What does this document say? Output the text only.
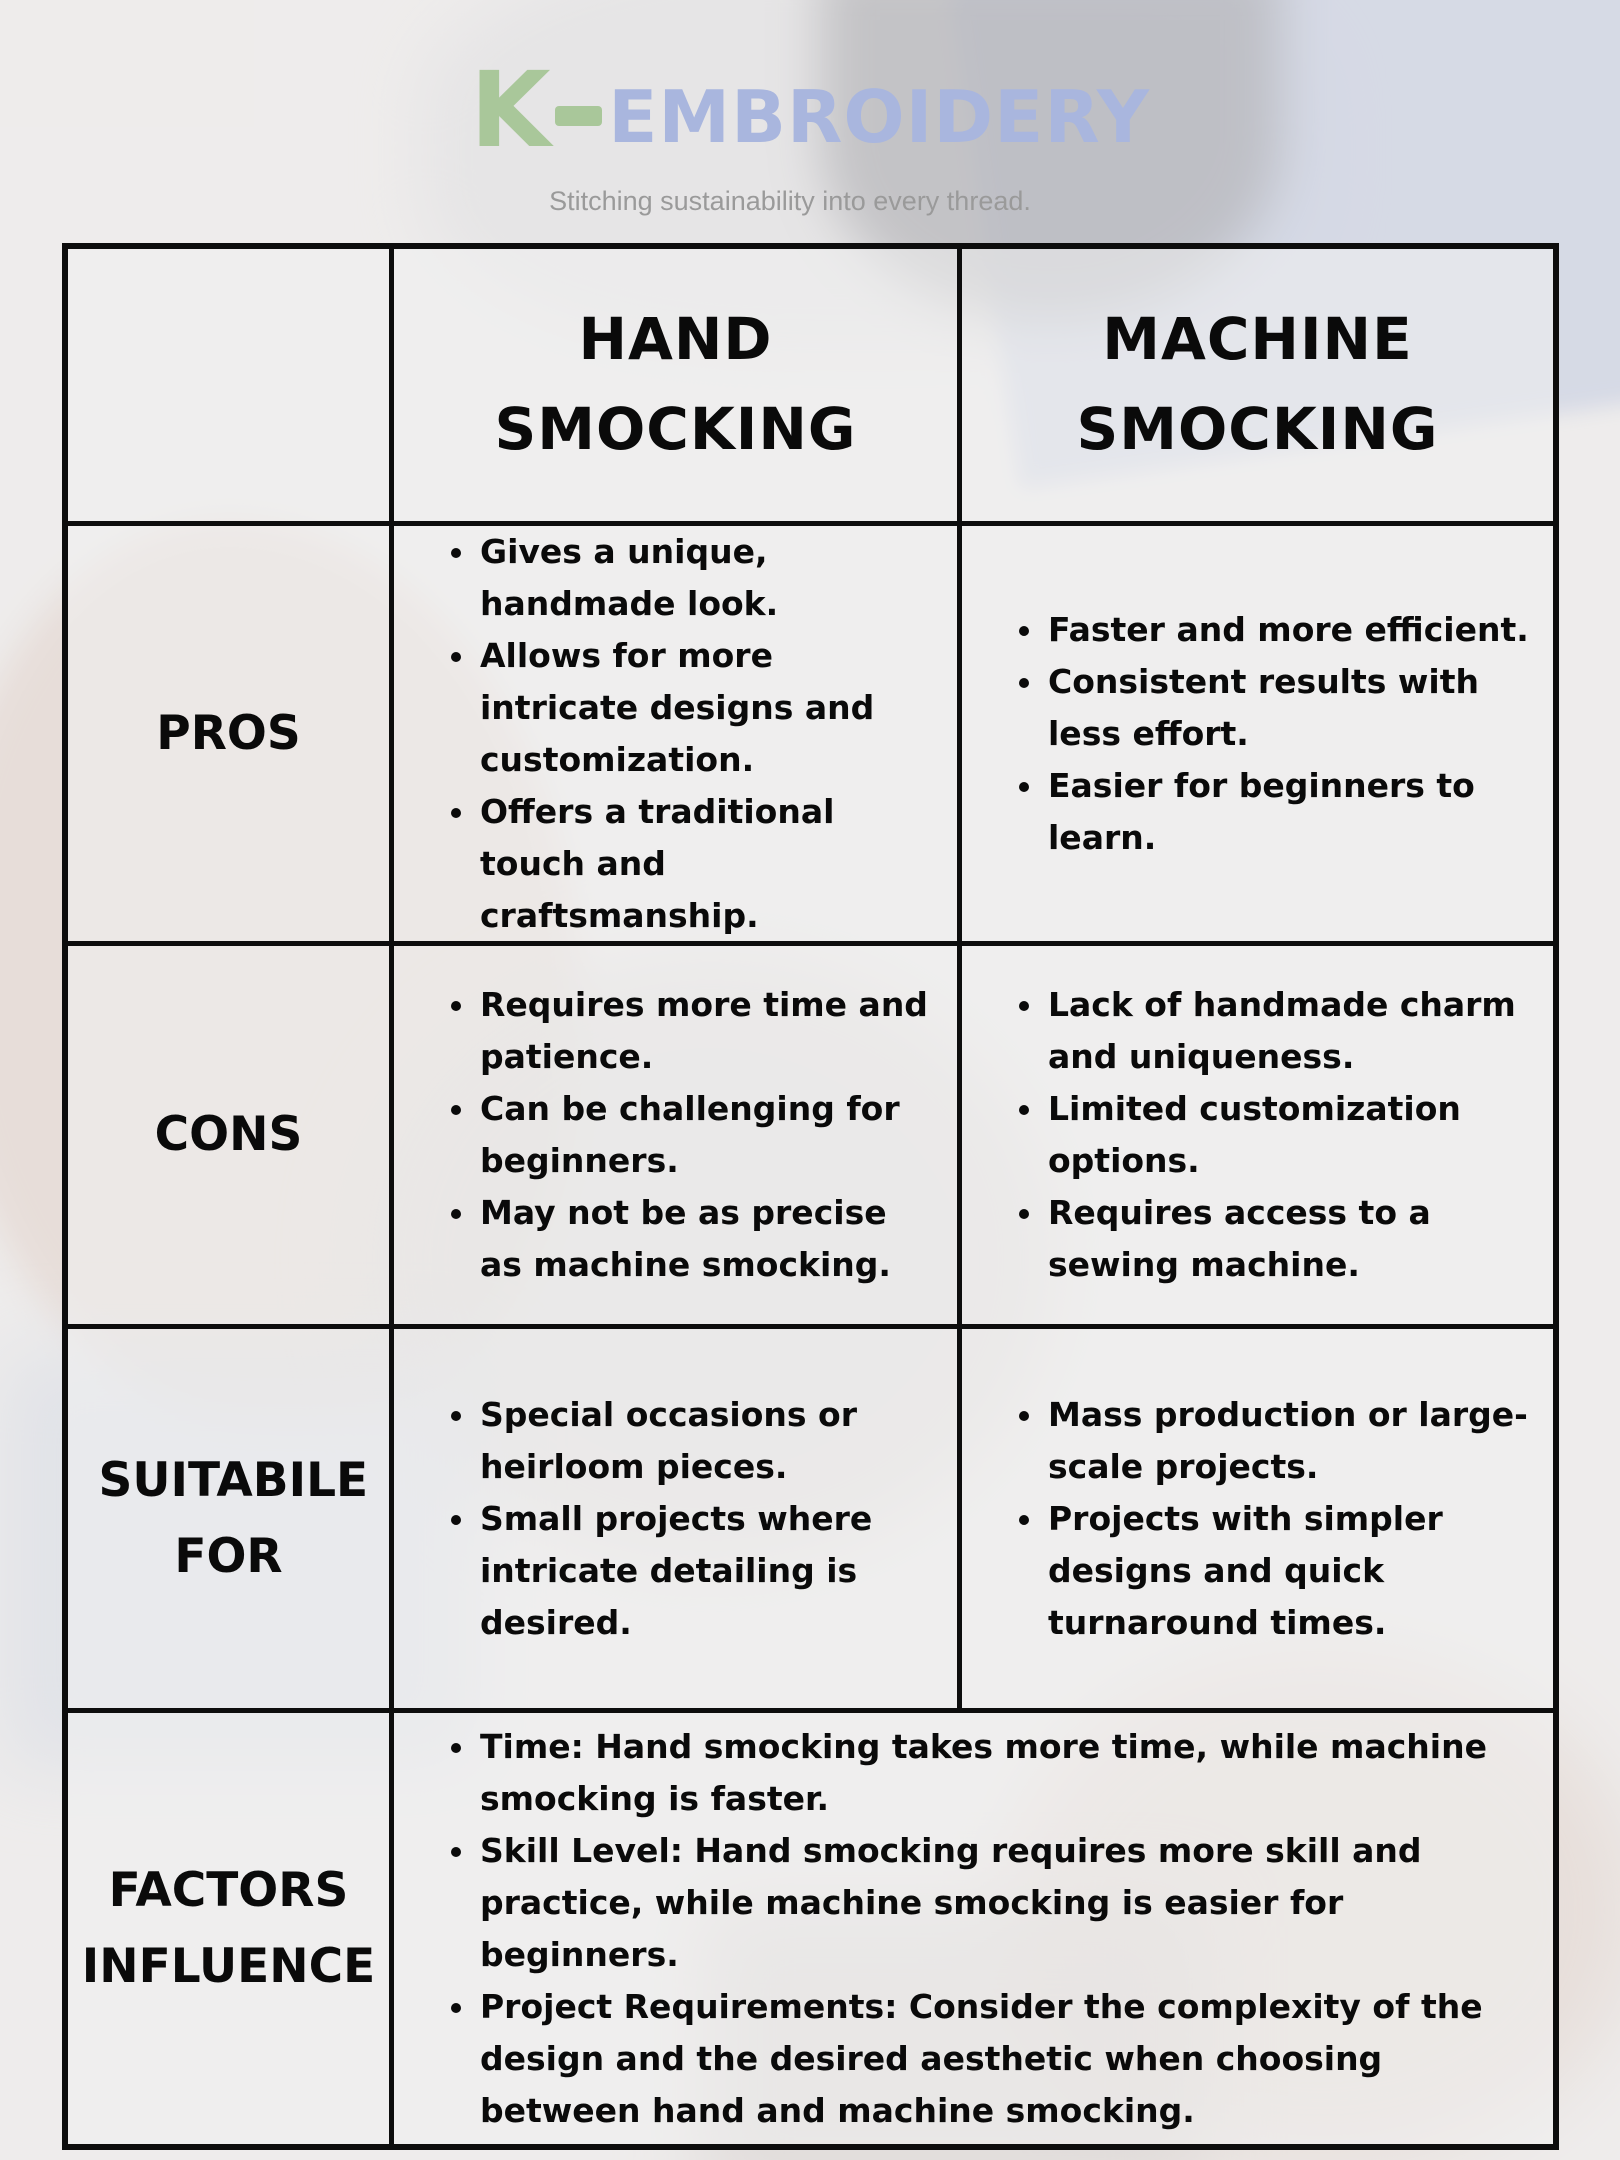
K EMBROIDERY
Stitching sustainability into every thread.
HAND SMOCKING
MACHINE SMOCKING
PROS
• Gives a unique, handmade look.
• Allows for more intricate designs and customization.
• Offers a traditional touch and craftsmanship.
• Faster and more efficient.
• Consistent results with less effort.
• Easier for beginners to learn.
CONS
• Requires more time and patience.
• Can be challenging for beginners.
• May not be as precise as machine smocking.
• Lack of handmade charm and uniqueness.
• Limited customization options.
• Requires access to a sewing machine.
SUITABILE FOR
• Special occasions or heirloom pieces.
• Small projects where intricate detailing is desired.
• Mass production or large-scale projects.
• Projects with simpler designs and quick turnaround times.
FACTORS INFLUENCE
• Time: Hand smocking takes more time, while machine smocking is faster.
• Skill Level: Hand smocking requires more skill and practice, while machine smocking is easier for beginners.
• Project Requirements: Consider the complexity of the design and the desired aesthetic when choosing between hand and machine smocking.
